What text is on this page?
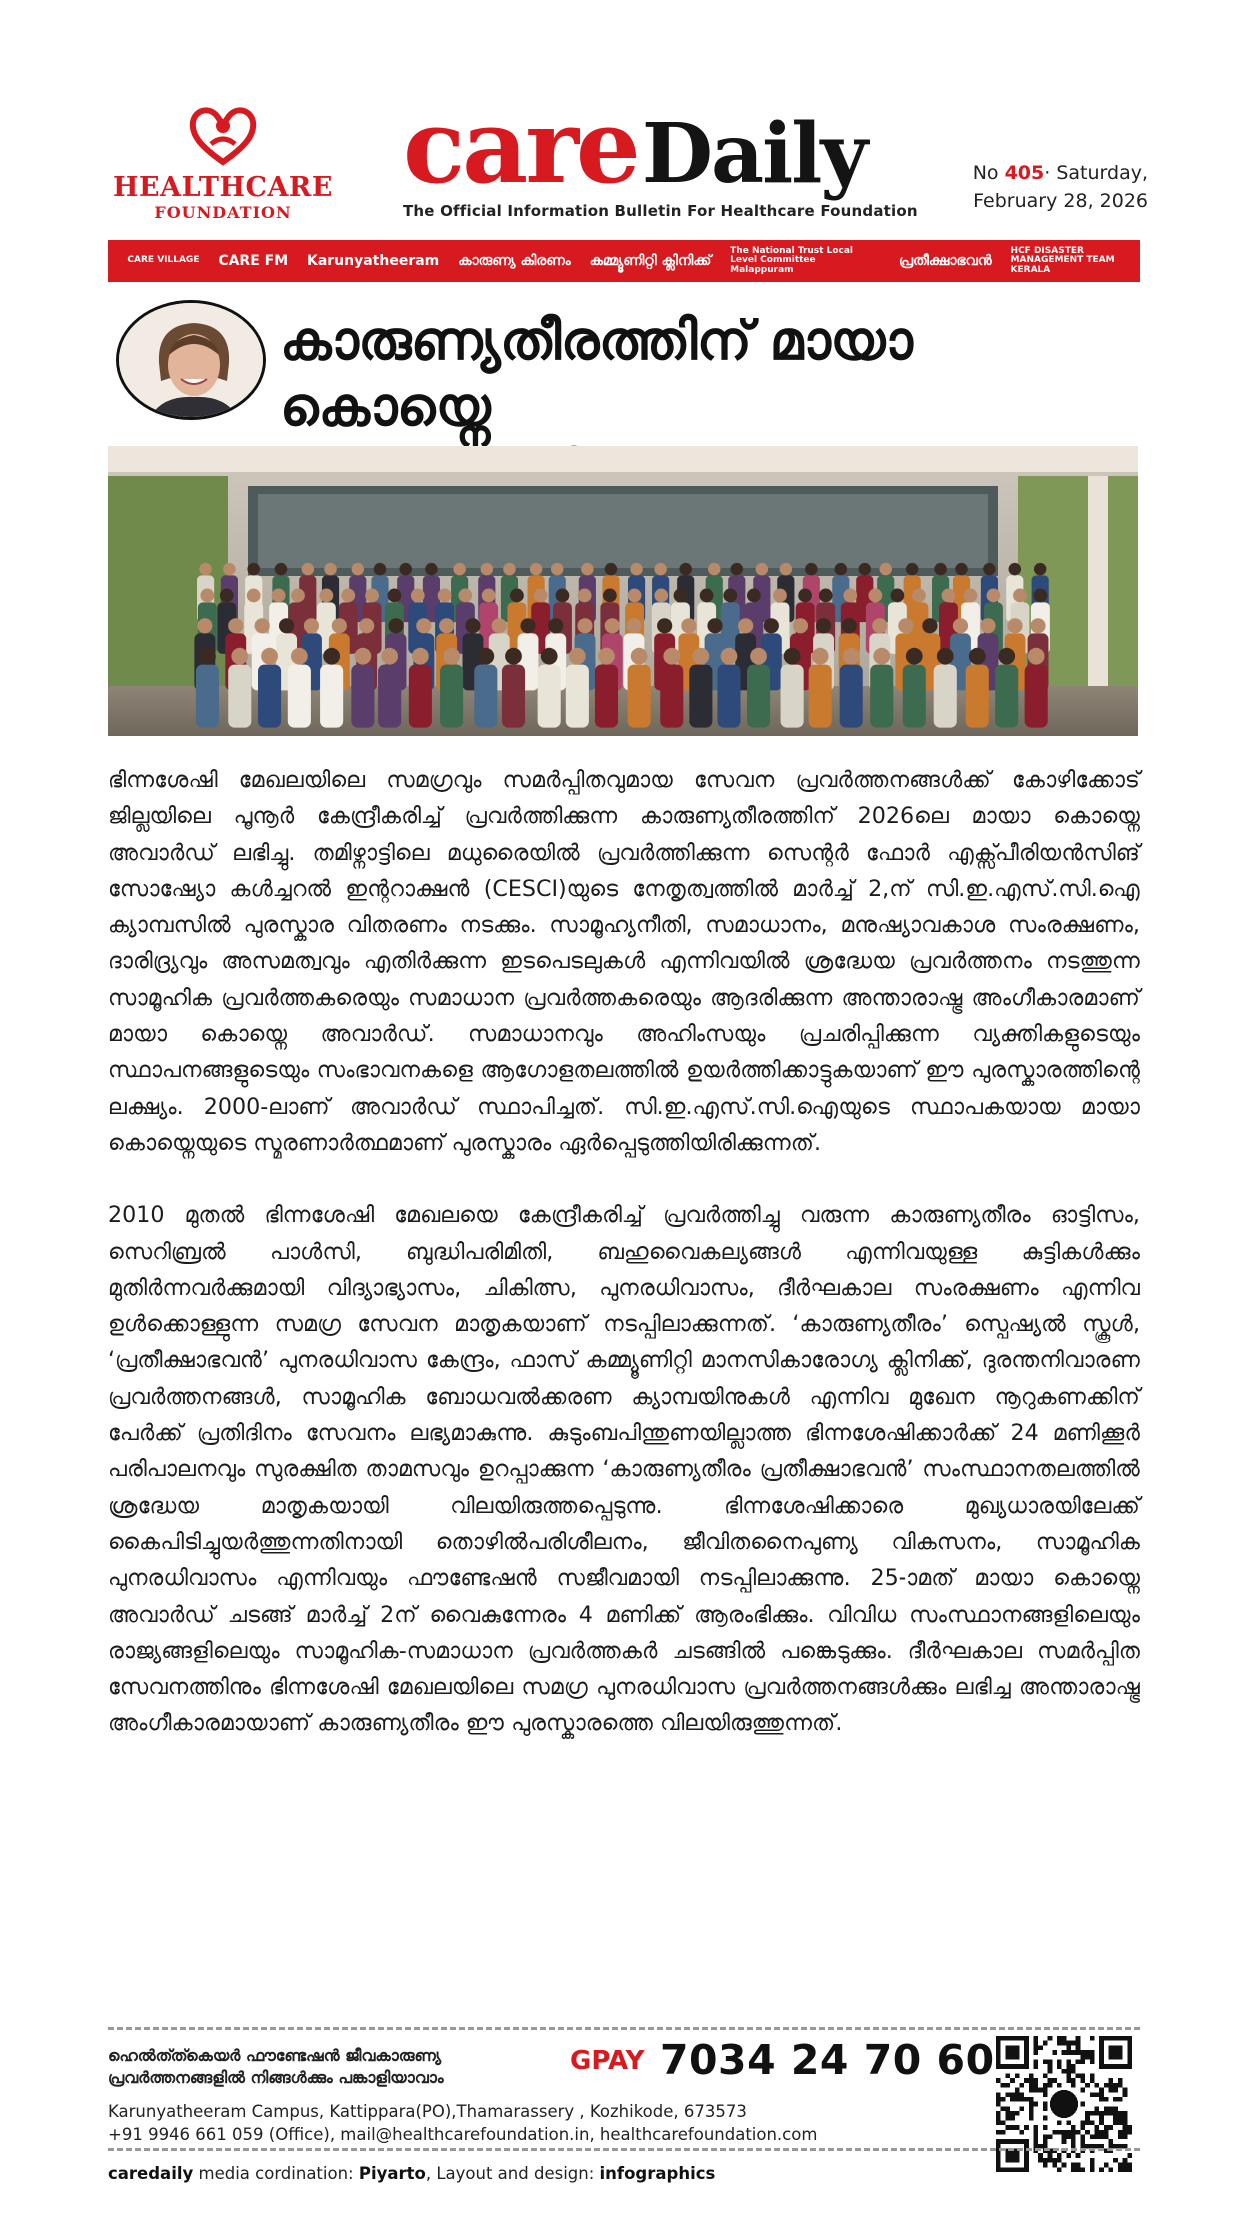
HEALTHCARE
FOUNDATION
careDaily
The Official Information Bulletin For Healthcare Foundation
No 405· Saturday,
February 28, 2026
CARE VILLAGE CARE FM Karunyatheeram കാരുണ്യ കിരണം കമ്മ്യൂണിറ്റി ക്ലിനിക്ക്
The National Trust Local Level Committee Malappuram
പ്രതീക്ഷാഭവൻ
HCF DISASTER MANAGEMENT TEAM KERALA
കാരുണ്യതീരത്തിന് മായാ കൊയ്നെ

ഭിന്നശേഷി മേഖലയിലെ സമഗ്രവും സമർപ്പിതവുമായ സേവന പ്രവർത്തനങ്ങൾക്ക് കോഴിക്കോട് ജില്ലയിലെ പൂനൂർ കേന്ദ്രീകരിച്ച് പ്രവർത്തിക്കുന്ന കാരുണ്യതീരത്തിന് 2026ലെ മായാ കൊയ്നെ അവാർഡ് ലഭിച്ചു. തമിഴ്നാട്ടിലെ മധുരൈയിൽ പ്രവർത്തിക്കുന്ന സെന്റർ ഫോർ എക്സ്പീരിയൻസിങ് സോഷ്യോ കൾച്ചറൽ ഇന്ററാക്ഷൻ (CESCI)യുടെ നേതൃത്വത്തിൽ മാർച്ച് 2,ന് സി.ഇ.എസ്.സി.ഐ ക്യാമ്പസിൽ പുരസ്കാര വിതരണം നടക്കും. സാമൂഹ്യനീതി, സമാധാനം, മനുഷ്യാവകാശ സംരക്ഷണം, ദാരിദ്ര്യവും അസമത്വവും എതിർക്കുന്ന ഇടപെടലുകൾ എന്നിവയിൽ ശ്രദ്ധേയ പ്രവർത്തനം നടത്തുന്ന സാമൂഹിക പ്രവർത്തകരെയും സമാധാന പ്രവർത്തകരെയും ആദരിക്കുന്ന അന്താരാഷ്ട്ര അംഗീകാരമാണ് മായാ കൊയ്നെ അവാർഡ്. സമാധാനവും അഹിംസയും പ്രചരിപ്പിക്കുന്ന വ്യക്തികളുടെയും സ്ഥാപനങ്ങളുടെയും സംഭാവനകളെ ആഗോളതലത്തിൽ ഉയർത്തിക്കാട്ടുകയാണ് ഈ പുരസ്കാരത്തിന്റെ ലക്ഷ്യം. 2000-ലാണ് അവാർഡ് സ്ഥാപിച്ചത്. സി.ഇ.എസ്.സി.ഐയുടെ സ്ഥാപകയായ മായാ കൊയ്നെയുടെ സ്മരണാർത്ഥമാണ് പുരസ്കാരം ഏർപ്പെടുത്തിയിരിക്കുന്നത്.

2010 മുതൽ ഭിന്നശേഷി മേഖലയെ കേന്ദ്രീകരിച്ച് പ്രവർത്തിച്ചു വരുന്ന കാരുണ്യതീരം ഓട്ടിസം, സെറിബ്രൽ പാൾസി, ബുദ്ധിപരിമിതി, ബഹുവൈകല്യങ്ങൾ എന്നിവയുള്ള കുട്ടികൾക്കും മുതിർന്നവർക്കുമായി വിദ്യാഭ്യാസം, ചികിത്സ, പുനരധിവാസം, ദീർഘകാല സംരക്ഷണം എന്നിവ ഉൾക്കൊള്ളുന്ന സമഗ്ര സേവന മാതൃകയാണ് നടപ്പിലാക്കുന്നത്. ‘കാരുണ്യതീരം’ സ്പെഷ്യൽ സ്കൂൾ, ‘പ്രതീക്ഷാഭവൻ’ പുനരധിവാസ കേന്ദ്രം, ഫാസ് കമ്മ്യൂണിറ്റി മാനസികാരോഗ്യ ക്ലിനിക്ക്, ദുരന്തനിവാരണ പ്രവർത്തനങ്ങൾ, സാമൂഹിക ബോധവൽക്കരണ ക്യാമ്പയിനുകൾ എന്നിവ മുഖേന നൂറുകണക്കിന് പേർക്ക് പ്രതിദിനം സേവനം ലഭ്യമാകുന്നു. കുടുംബപിന്തുണയില്ലാത്ത ഭിന്നശേഷിക്കാർക്ക് 24 മണിക്കൂർ പരിപാലനവും സുരക്ഷിത താമസവും ഉറപ്പാക്കുന്ന ‘കാരുണ്യതീരം പ്രതീക്ഷാഭവൻ’ സംസ്ഥാനതലത്തിൽ ശ്രദ്ധേയ മാതൃകയായി വിലയിരുത്തപ്പെടുന്നു. ഭിന്നശേഷിക്കാരെ മുഖ്യധാരയിലേക്ക് കൈപിടിച്ചുയർത്തുന്നതിനായി തൊഴിൽപരിശീലനം, ജീവിതനൈപുണ്യ വികസനം, സാമൂഹിക പുനരധിവാസം എന്നിവയും ഫൗണ്ടേഷൻ സജീവമായി നടപ്പിലാക്കുന്നു. 25-ാമത് മായാ കൊയ്നെ അവാർഡ് ചടങ്ങ് മാർച്ച് 2ന് വൈകുന്നേരം 4 മണിക്ക് ആരംഭിക്കും. വിവിധ സംസ്ഥാനങ്ങളിലെയും രാജ്യങ്ങളിലെയും സാമൂഹിക-സമാധാന പ്രവർത്തകർ ചടങ്ങിൽ പങ്കെടുക്കും. ദീർഘകാല സമർപ്പിത സേവനത്തിനും ഭിന്നശേഷി മേഖലയിലെ സമഗ്ര പുനരധിവാസ പ്രവർത്തനങ്ങൾക്കും ലഭിച്ച അന്താരാഷ്ട്ര അംഗീകാരമായാണ് കാരുണ്യതീരം ഈ പുരസ്കാരത്തെ വിലയിരുത്തുന്നത്.

ഹെൽത്ത്കെയർ ഫൗണ്ടേഷൻ ജീവകാരുണ്യ
പ്രവർത്തനങ്ങളിൽ നിങ്ങൾക്കും പങ്കാളിയാവാം
GPAY 7034 24 70 60
Karunyatheeram Campus, Kattippara(PO),Thamarassery , Kozhikode, 673573
+91 9946 661 059 (Office), mail@healthcarefoundation.in, healthcarefoundation.com
caredaily media cordination: Piyarto, Layout and design: infographics
